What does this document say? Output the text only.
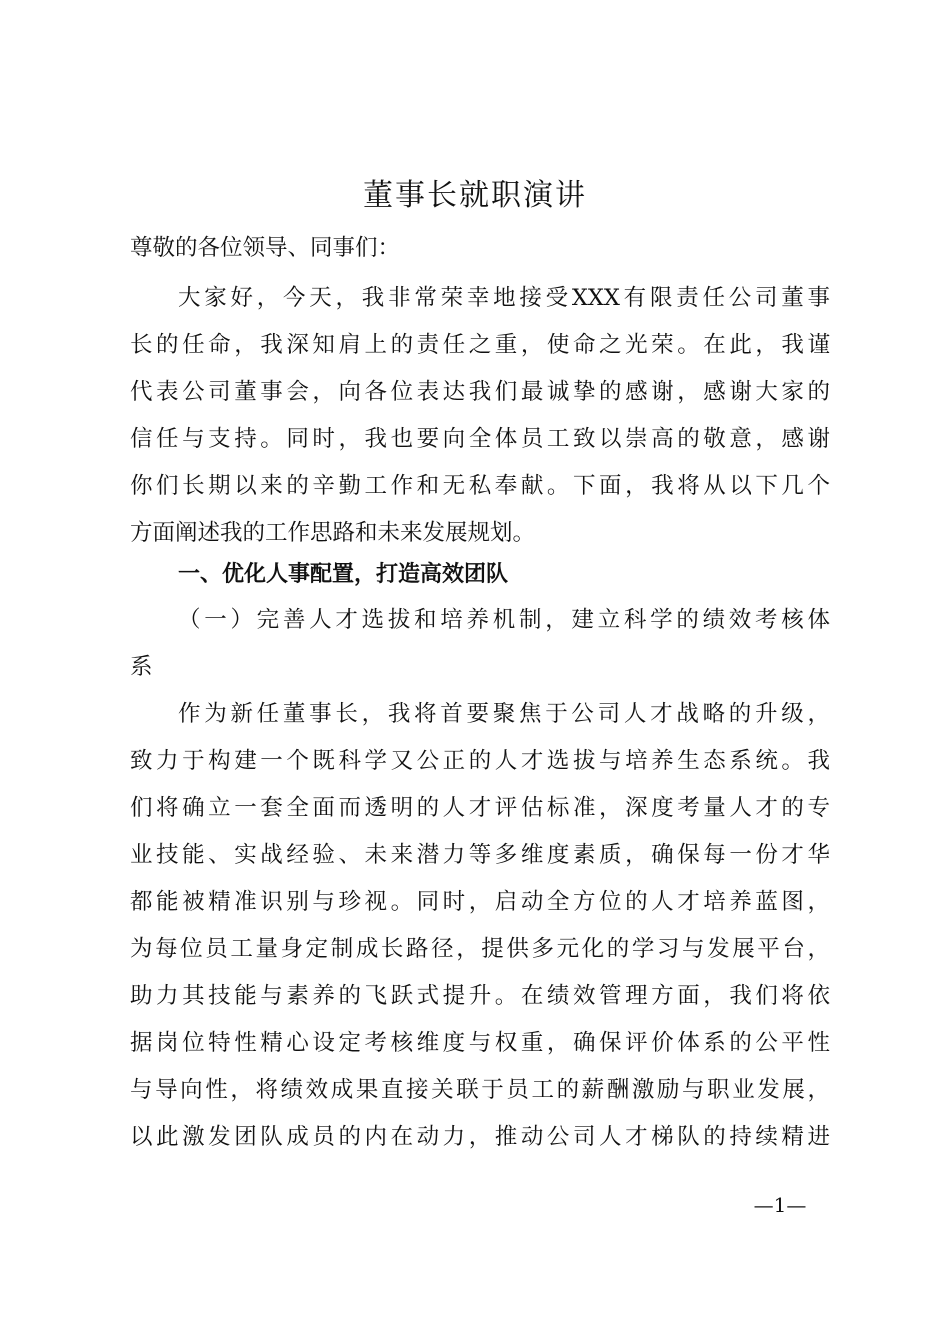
董事长就职演讲

尊敬的各位领导、同事们：

大家好，今天，我非常荣幸地接受XXX有限责任公司董事

长的任命，我深知肩上的责任之重，使命之光荣。在此，我谨

代表公司董事会，向各位表达我们最诚挚的感谢，感谢大家的

信任与支持。同时，我也要向全体员工致以崇高的敬意，感谢

你们长期以来的辛勤工作和无私奉献。下面，我将从以下几个

方面阐述我的工作思路和未来发展规划。

一、优化人事配置，打造高效团队

（一）完善人才选拔和培养机制，建立科学的绩效考核体

系

作为新任董事长，我将首要聚焦于公司人才战略的升级，

致力于构建一个既科学又公正的人才选拔与培养生态系统。我

们将确立一套全面而透明的人才评估标准，深度考量人才的专

业技能、实战经验、未来潜力等多维度素质，确保每一份才华

都能被精准识别与珍视。同时，启动全方位的人才培养蓝图，

为每位员工量身定制成长路径，提供多元化的学习与发展平台，

助力其技能与素养的飞跃式提升。在绩效管理方面，我们将依

据岗位特性精心设定考核维度与权重，确保评价体系的公平性

与导向性，将绩效成果直接关联于员工的薪酬激励与职业发展，

以此激发团队成员的内在动力，推动公司人才梯队的持续精进

—1—
